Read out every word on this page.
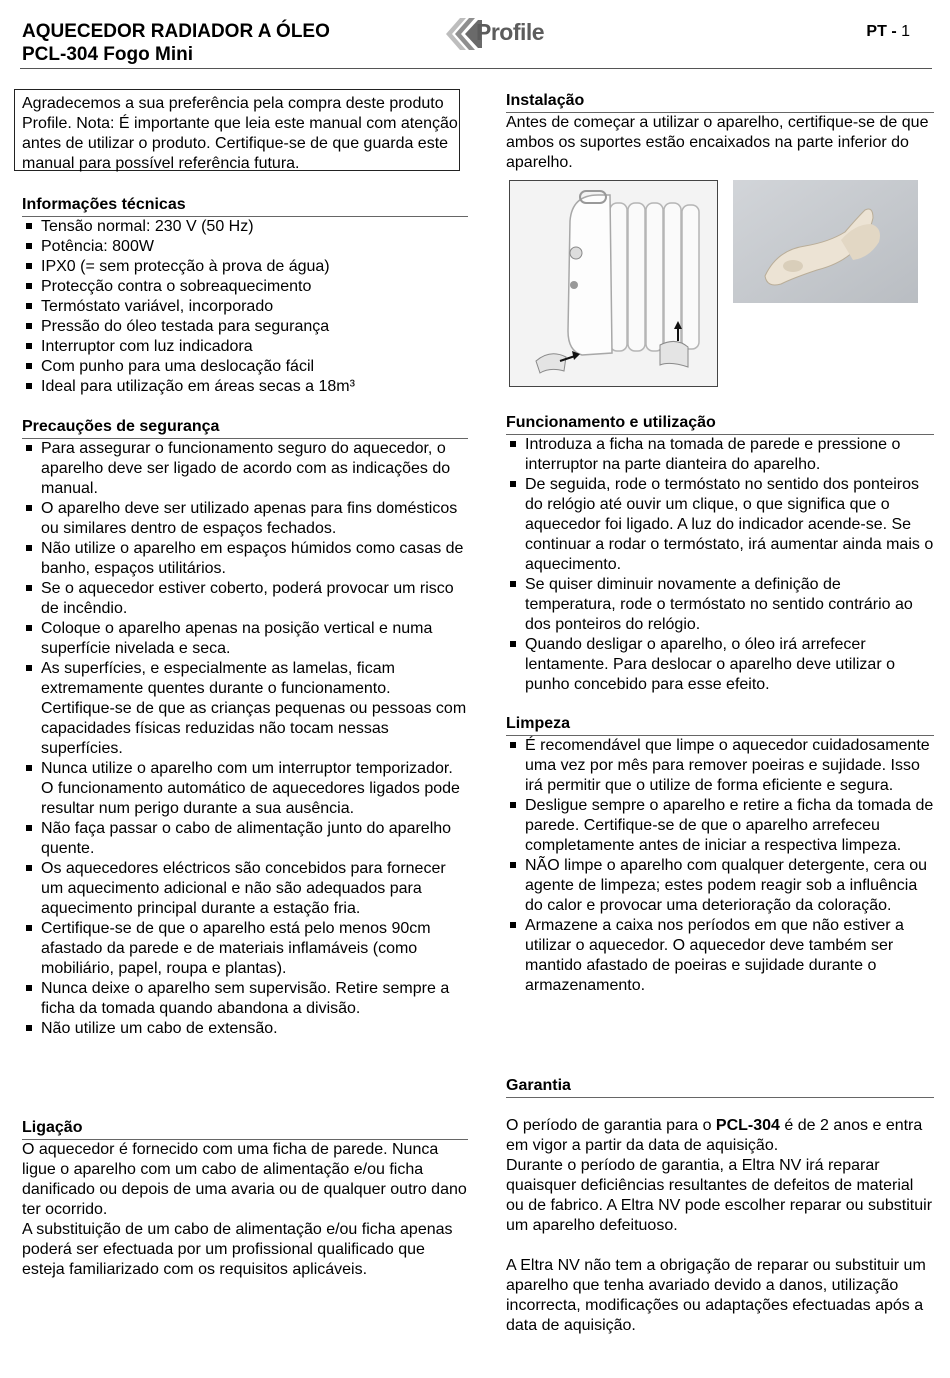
AQUECEDOR RADIADOR A ÓLEO
PCL-304 Fogo Mini
Profile	PT - 1
Agradecemos a sua preferência pela compra deste produto Profile. Nota: É importante que leia este manual com atenção antes de utilizar o produto. Certifique-se de que guarda este manual para possível referência futura.
Informações técnicas
Tensão normal: 230 V (50 Hz)
Potência: 800W
IPX0 (= sem protecção à prova de água)
Protecção contra o sobreaquecimento
Termóstato variável, incorporado
Pressão do óleo testada para segurança
Interruptor com luz indicadora
Com punho para uma deslocação fácil
Ideal para utilização em áreas secas a 18m³
Precauções de segurança
Para assegurar o funcionamento seguro do aquecedor, o aparelho deve ser ligado de acordo com as indicações do manual.
O aparelho deve ser utilizado apenas para fins domésticos ou similares dentro de espaços fechados.
Não utilize o aparelho em espaços húmidos como casas de banho, espaços utilitários.
Se o aquecedor estiver coberto, poderá provocar um risco de incêndio.
Coloque o aparelho apenas na posição vertical e numa superfície nivelada e seca.
As superfícies, e especialmente as lamelas, ficam extremamente quentes durante o funcionamento. Certifique-se de que as crianças pequenas ou pessoas com capacidades físicas reduzidas não tocam nessas superfícies.
Nunca utilize o aparelho com um interruptor temporizador. O funcionamento automático de aquecedores ligados pode resultar num perigo durante a sua ausência.
Não faça passar o cabo de alimentação junto do aparelho quente.
Os aquecedores eléctricos são concebidos para fornecer um aquecimento adicional e não são adequados para aquecimento principal durante a estação fria.
Certifique-se de que o aparelho está pelo menos 90cm afastado da parede e de materiais inflamáveis (como mobiliário, papel, roupa e plantas).
Nunca deixe o aparelho sem supervisão. Retire sempre a ficha da tomada quando abandona a divisão.
Não utilize um cabo de extensão.
Ligação

O aquecedor é fornecido com uma ficha de parede. Nunca ligue o aparelho com um cabo de alimentação e/ou ficha danificado ou depois de uma avaria ou de qualquer outro dano ter ocorrido.

A substituição de um cabo de alimentação e/ou ficha apenas poderá ser efectuada por um profissional qualificado que esteja familiarizado com os requisitos aplicáveis.

Instalação

Antes de começar a utilizar o aparelho, certifique-se de que ambos os suportes estão encaixados na parte inferior do aparelho.

Funcionamento e utilização
Introduza a ficha na tomada de parede e pressione o interruptor na parte dianteira do aparelho.
De seguida, rode o termóstato no sentido dos ponteiros do relógio até ouvir um clique, o que significa que o aquecedor foi ligado. A luz do indicador acende-se. Se continuar a rodar o termóstato, irá aumentar ainda mais o aquecimento.
Se quiser diminuir novamente a definição de temperatura, rode o termóstato no sentido contrário ao dos ponteiros do relógio.
Quando desligar o aparelho, o óleo irá arrefecer lentamente. Para deslocar o aparelho deve utilizar o punho concebido para esse efeito.
Limpeza
É recomendável que limpe o aquecedor cuidadosamente uma vez por mês para remover poeiras e sujidade. Isso irá permitir que o utilize de forma eficiente e segura.
Desligue sempre o aparelho e retire a ficha da tomada de parede. Certifique-se de que o aparelho arrefeceu completamente antes de iniciar a respectiva limpeza.
NÃO limpe o aparelho com qualquer detergente, cera ou agente de limpeza; estes podem reagir sob a influência do calor e provocar uma deterioração da coloração.
Armazene a caixa nos períodos em que não estiver a utilizar o aquecedor. O aquecedor deve também ser mantido afastado de poeiras e sujidade durante o armazenamento.
Garantia

O período de garantia para o PCL-304 é de 2 anos e entra em vigor a partir da data de aquisição.

Durante o período de garantia, a Eltra NV irá reparar quaisquer deficiências resultantes de defeitos de material ou de fabrico. A Eltra NV pode escolher reparar ou substituir um aparelho defeituoso.

A Eltra NV não tem a obrigação de reparar ou substituir um aparelho que tenha avariado devido a danos, utilização incorrecta, modificações ou adaptações efectuadas após a data de aquisição.
